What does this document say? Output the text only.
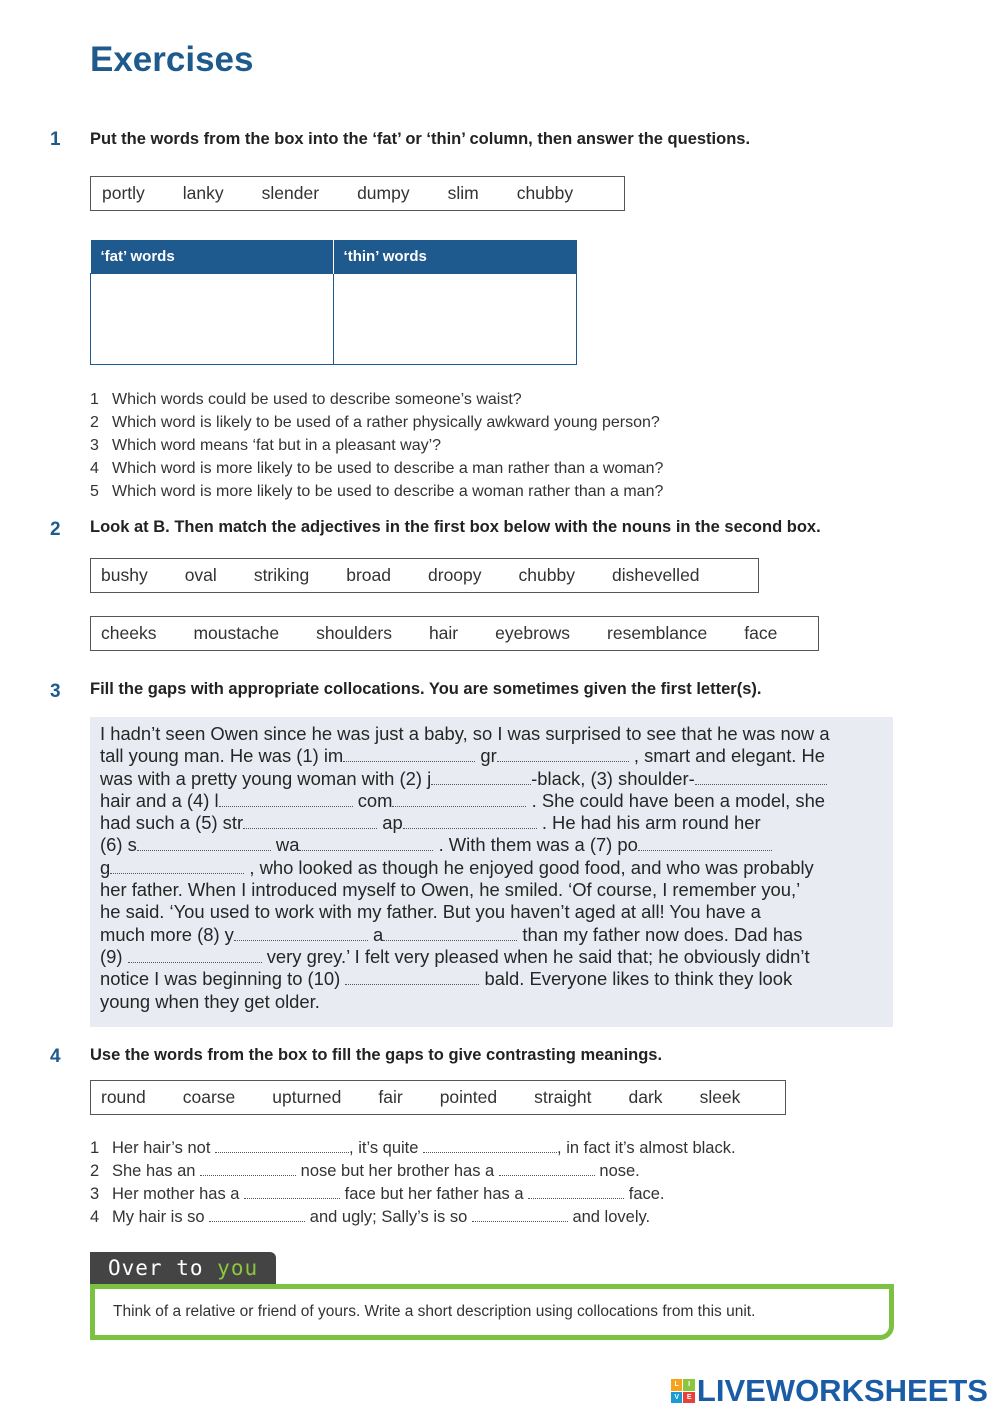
Exercises
1 Put the words from the box into the ‘fat’ or ‘thin’ column, then answer the questions.
portly lanky slender dumpy slim chubby
‘fat’ words	‘thin’ words

1 Which words could be used to describe someone’s waist?
2 Which word is likely to be used of a rather physically awkward young person?
3 Which word means ‘fat but in a pleasant way’?
4 Which word is more likely to be used to describe a man rather than a woman?
5 Which word is more likely to be used to describe a woman rather than a man?
2 Look at B. Then match the adjectives in the first box below with the nouns in the second box.
bushy oval striking broad droopy chubby dishevelled
cheeks moustache shoulders hair eyebrows resemblance face
3 Fill the gaps with appropriate collocations. You are sometimes given the first letter(s).
I hadn’t seen Owen since he was just a baby, so I was surprised to see that he was now a
tall young man. He was (1) im	gr	, smart and elegant. He
was with a pretty young woman with (2) j	-black, (3) shoulder-
hair and a (4) l	com	. She could have been a model, she
had such a (5) str	ap	. He had his arm round her
(6) s	wa	. With them was a (7) po
g	, who looked as though he enjoyed good food, and who was probably
her father. When I introduced myself to Owen, he smiled. ‘Of course, I remember you,’
he said. ‘You used to work with my father. But you haven’t aged at all! You have a
much more (8) y	a	than my father now does. Dad has
(9)	very grey.’ I felt very pleased when he said that; he obviously didn’t
notice I was beginning to (10)	bald. Everyone likes to think they look
young when they get older.
4 Use the words from the box to fill the gaps to give contrasting meanings.
round coarse upturned fair pointed straight dark sleek
1 Her hair’s not	, it’s quite	, in fact it’s almost black.
2 She has an	nose but her brother has a	nose.
3 Her mother has a	face but her father has a	face.
4 My hair is so	and ugly; Sally’s is so	and lovely.
Over to you
Think of a relative or friend of yours. Write a short description using collocations from this unit.
L	I
V	E LIVEWORKSHEETS
